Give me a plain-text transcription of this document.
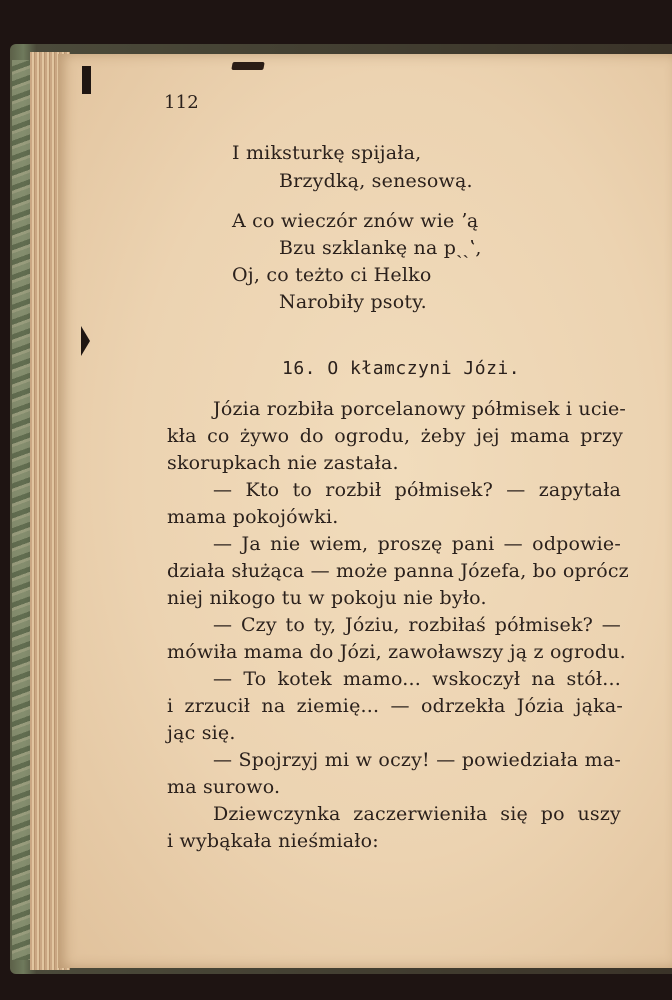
112
I miksturkę spijała,
Brzydką, senesową.
A co wieczór znów wie ʼą
Bzu szklankę na pˎˏʽ,
Oj, co teżto ci Helko
Narobiły psoty.
16. O kłamczyni Józi.
Józia rozbiła porcelanowy półmisek i ucie-
kła co żywo do ogrodu, żeby jej mama przy
skorupkach nie zastała.
— Kto to rozbił półmisek? — zapytała
mama pokojówki.
— Ja nie wiem, proszę pani — odpowie-
działa służąca — może panna Józefa, bo oprócz
niej nikogo tu w pokoju nie było.
— Czy to ty, Józiu, rozbiłaś półmisek? —
mówiła mama do Józi, zawoławszy ją z ogrodu.
— To kotek mamo... wskoczył na stół...
i zrzucił na ziemię... — odrzekła Józia jąka-
jąc się.
— Spojrzyj mi w oczy! — powiedziała ma-
ma surowo.
Dziewczynka zaczerwieniła się po uszy
i wybąkała nieśmiało:
